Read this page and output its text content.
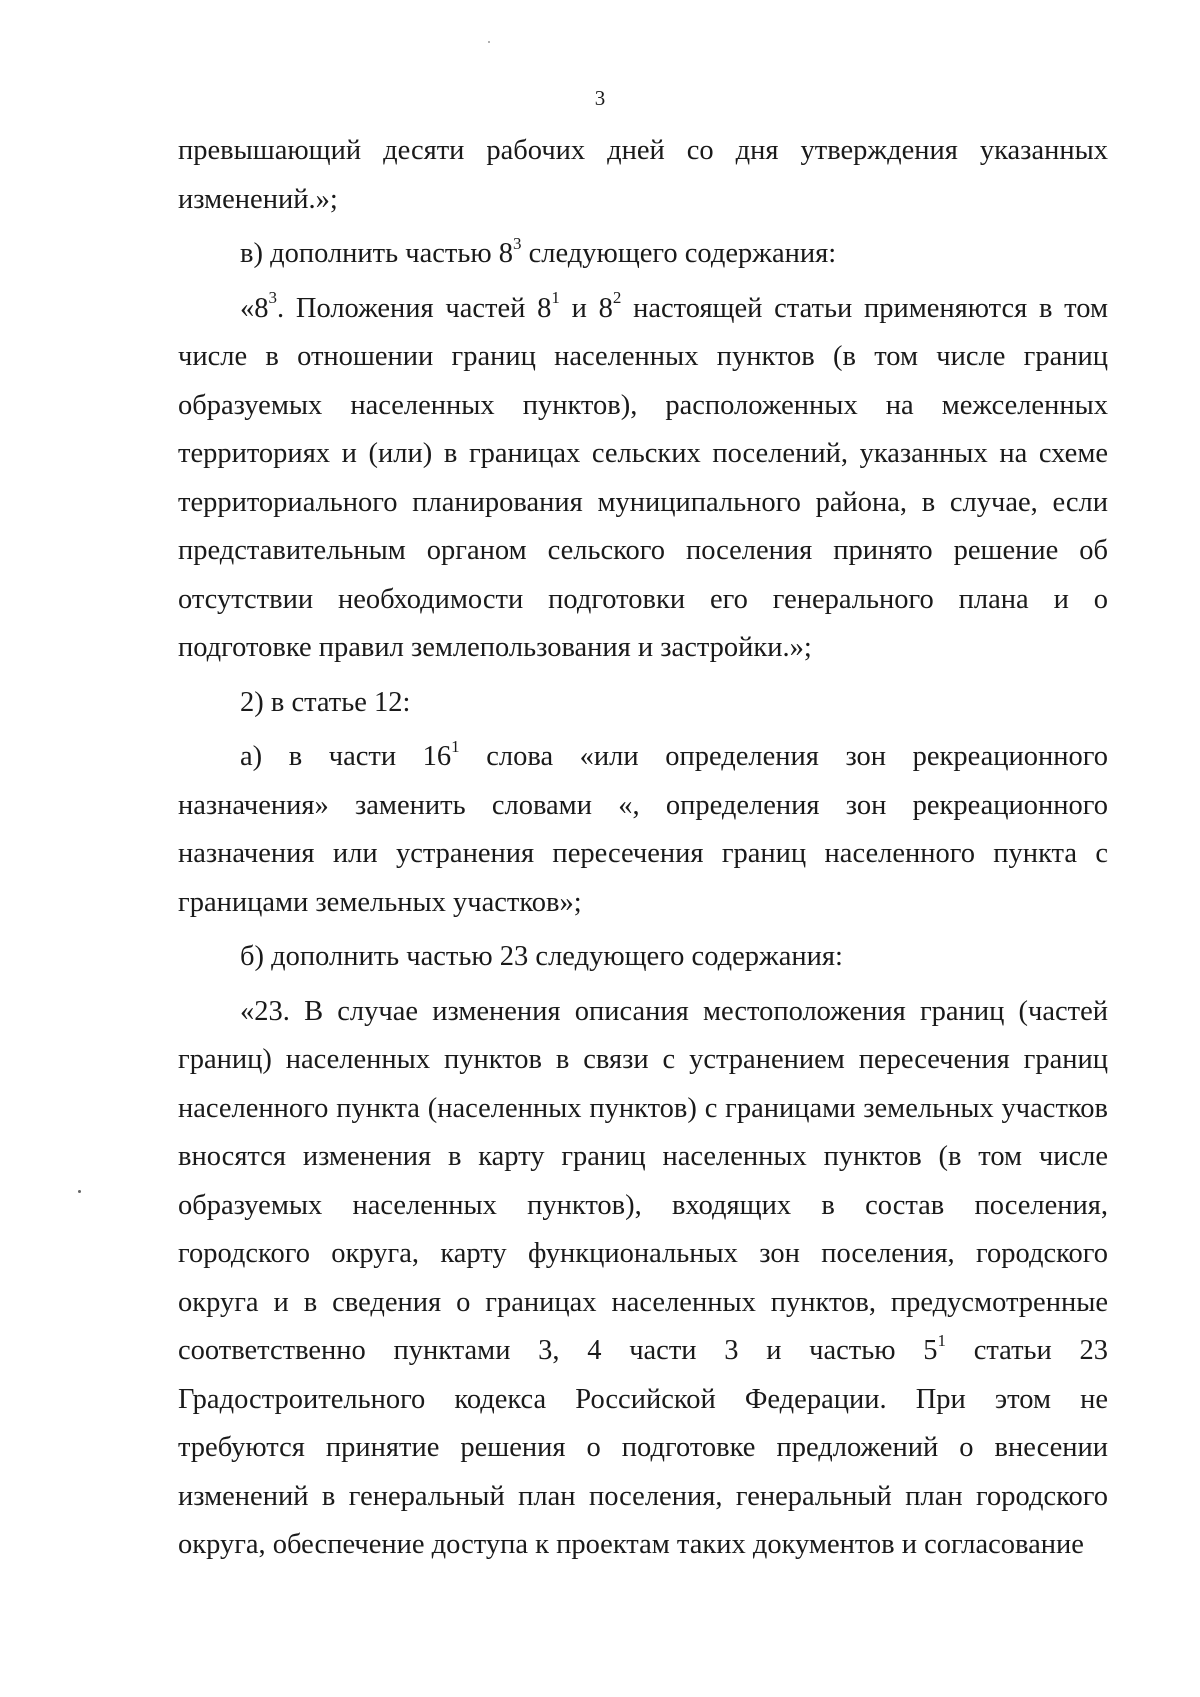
3

превышающий десяти рабочих дней со дня утверждения указанных изменений.»;

в) дополнить частью $8^3$ следующего содержания:

«$8^3$. Положения частей $8^1$ и $8^2$ настоящей статьи применяются в том числе в отношении границ населенных пунктов (в том числе границ образуемых населенных пунктов), расположенных на межселенных территориях и (или) в границах сельских поселений, указанных на схеме территориального планирования муниципального района, в случае, если представительным органом сельского поселения принято решение об отсутствии необходимости подготовки его генерального плана и о подготовке правил землепользования и застройки.»;

2) в статье 12:

а) в части $16^1$ слова «или определения зон рекреационного назначения» заменить словами «, определения зон рекреационного назначения или устранения пересечения границ населенного пункта с границами земельных участков»;

б) дополнить частью 23 следующего содержания:

«23. В случае изменения описания местоположения границ (частей границ) населенных пунктов в связи с устранением пересечения границ населенного пункта (населенных пунктов) с границами земельных участков вносятся изменения в карту границ населенных пунктов (в том числе образуемых населенных пунктов), входящих в состав поселения, городского округа, карту функциональных зон поселения, городского округа и в сведения о границах населенных пунктов, предусмотренные соответственно пунктами 3, 4 части 3 и частью $5^1$ статьи 23 Градостроительного кодекса Российской Федерации. При этом не требуются принятие решения о подготовке предложений о внесении изменений в генеральный план поселения, генеральный план городского округа, обеспечение доступа к проектам таких документов и согласование
